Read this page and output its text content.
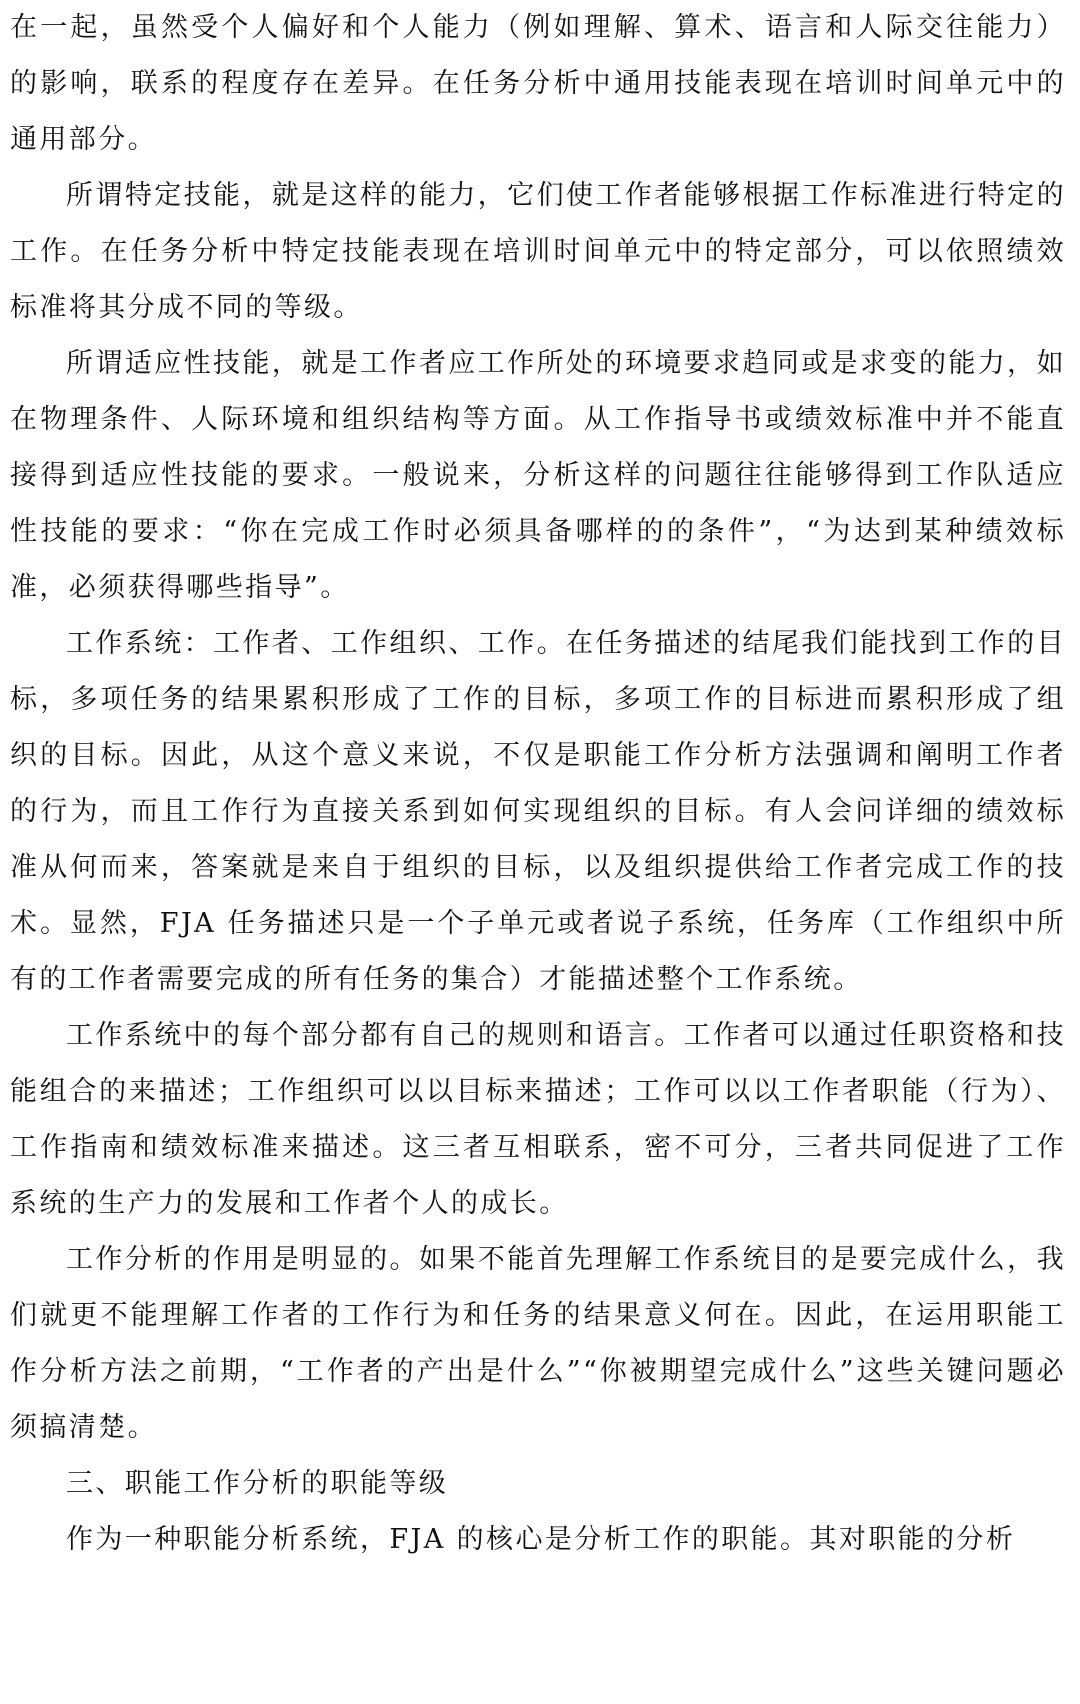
在一起，虽然受个人偏好和个人能力（例如理解、算术、语言和人际交往能力）的影响，联系的程度存在差异。在任务分析中通用技能表现在培训时间单元中的通用部分。

所谓特定技能，就是这样的能力，它们使工作者能够根据工作标准进行特定的工作。在任务分析中特定技能表现在培训时间单元中的特定部分，可以依照绩效标准将其分成不同的等级。

所谓适应性技能，就是工作者应工作所处的环境要求趋同或是求变的能力，如在物理条件、人际环境和组织结构等方面。从工作指导书或绩效标准中并不能直接得到适应性技能的要求。一般说来，分析这样的问题往往能够得到工作队适应性技能的要求：“你在完成工作时必须具备哪样的的条件”，“为达到某种绩效标准，必须获得哪些指导”。

工作系统：工作者、工作组织、工作。在任务描述的结尾我们能找到工作的目标，多项任务的结果累积形成了工作的目标，多项工作的目标进而累积形成了组织的目标。因此，从这个意义来说，不仅是职能工作分析方法强调和阐明工作者的行为，而且工作行为直接关系到如何实现组织的目标。有人会问详细的绩效标准从何而来，答案就是来自于组织的目标，以及组织提供给工作者完成工作的技术。显然，FJA 任务描述只是一个子单元或者说子系统，任务库（工作组织中所有的工作者需要完成的所有任务的集合）才能描述整个工作系统。

工作系统中的每个部分都有自己的规则和语言。工作者可以通过任职资格和技能组合的来描述；工作组织可以以目标来描述；工作可以以工作者职能（行为）、工作指南和绩效标准来描述。这三者互相联系，密不可分，三者共同促进了工作系统的生产力的发展和工作者个人的成长。

工作分析的作用是明显的。如果不能首先理解工作系统目的是要完成什么，我们就更不能理解工作者的工作行为和任务的结果意义何在。因此，在运用职能工作分析方法之前期，“工作者的产出是什么”“你被期望完成什么”这些关键问题必须搞清楚。

三、职能工作分析的职能等级

作为一种职能分析系统，FJA 的核心是分析工作的职能。其对职能的分析
